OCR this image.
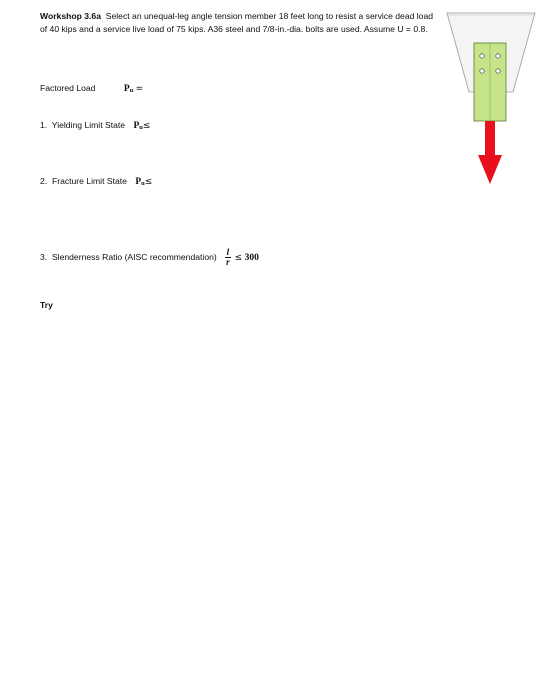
Workshop 3.6a Select an unequal-leg angle tension member 18 feet long to resist a service dead load of 40 kips and a service live load of 75 kips. A36 steel and 7/8-in.-dia. bolts are used. Assume U = 0.8.
Factored Load	Pu =
1. Yielding Limit State Pu≤
2. Fracture Limit State Pu≤
3. Slenderness Ratio (AISC recommendation) $\frac{l}{r} \le 300$
Try
